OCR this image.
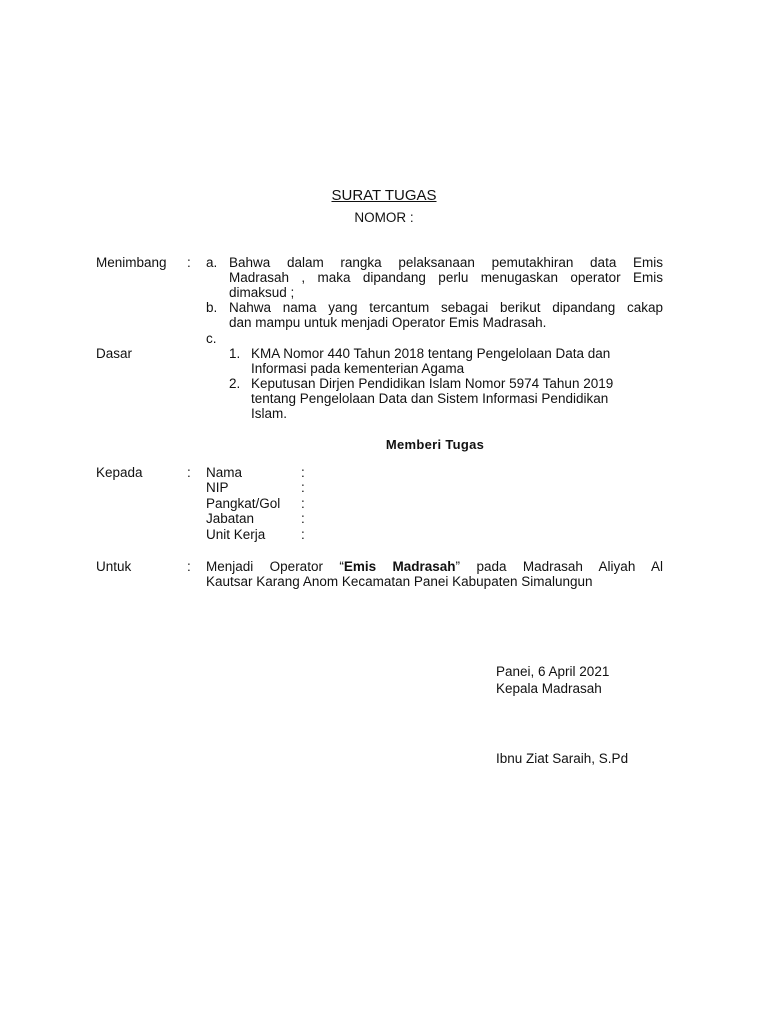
SURAT TUGAS
NOMOR :
Menimbang : a. Bahwa dalam rangka pelaksanaan pemutakhiran data Emis
Madrasah , maka dipandang perlu menugaskan operator Emis
dimaksud ;
b. Nahwa nama yang tercantum sebagai berikut dipandang cakap
dan mampu untuk menjadi Operator Emis Madrasah.
c.
Dasar	1. KMA Nomor 440 Tahun 2018 tentang Pengelolaan Data dan
Informasi pada kementerian Agama
2. Keputusan Dirjen Pendidikan Islam Nomor 5974 Tahun 2019
tentang Pengelolaan Data dan Sistem Informasi Pendidikan
Islam.
Memberi Tugas
Kepada	: Nama	:
NIP	:
Pangkat/Gol :
Jabatan	:
Unit Kerja	:
Untuk	: Menjadi Operator “Emis Madrasah” pada Madrasah Aliyah Al
Kautsar Karang Anom Kecamatan Panei Kabupaten Simalungun
Panei, 6 April 2021
Kepala Madrasah
Ibnu Ziat Saraih, S.Pd
